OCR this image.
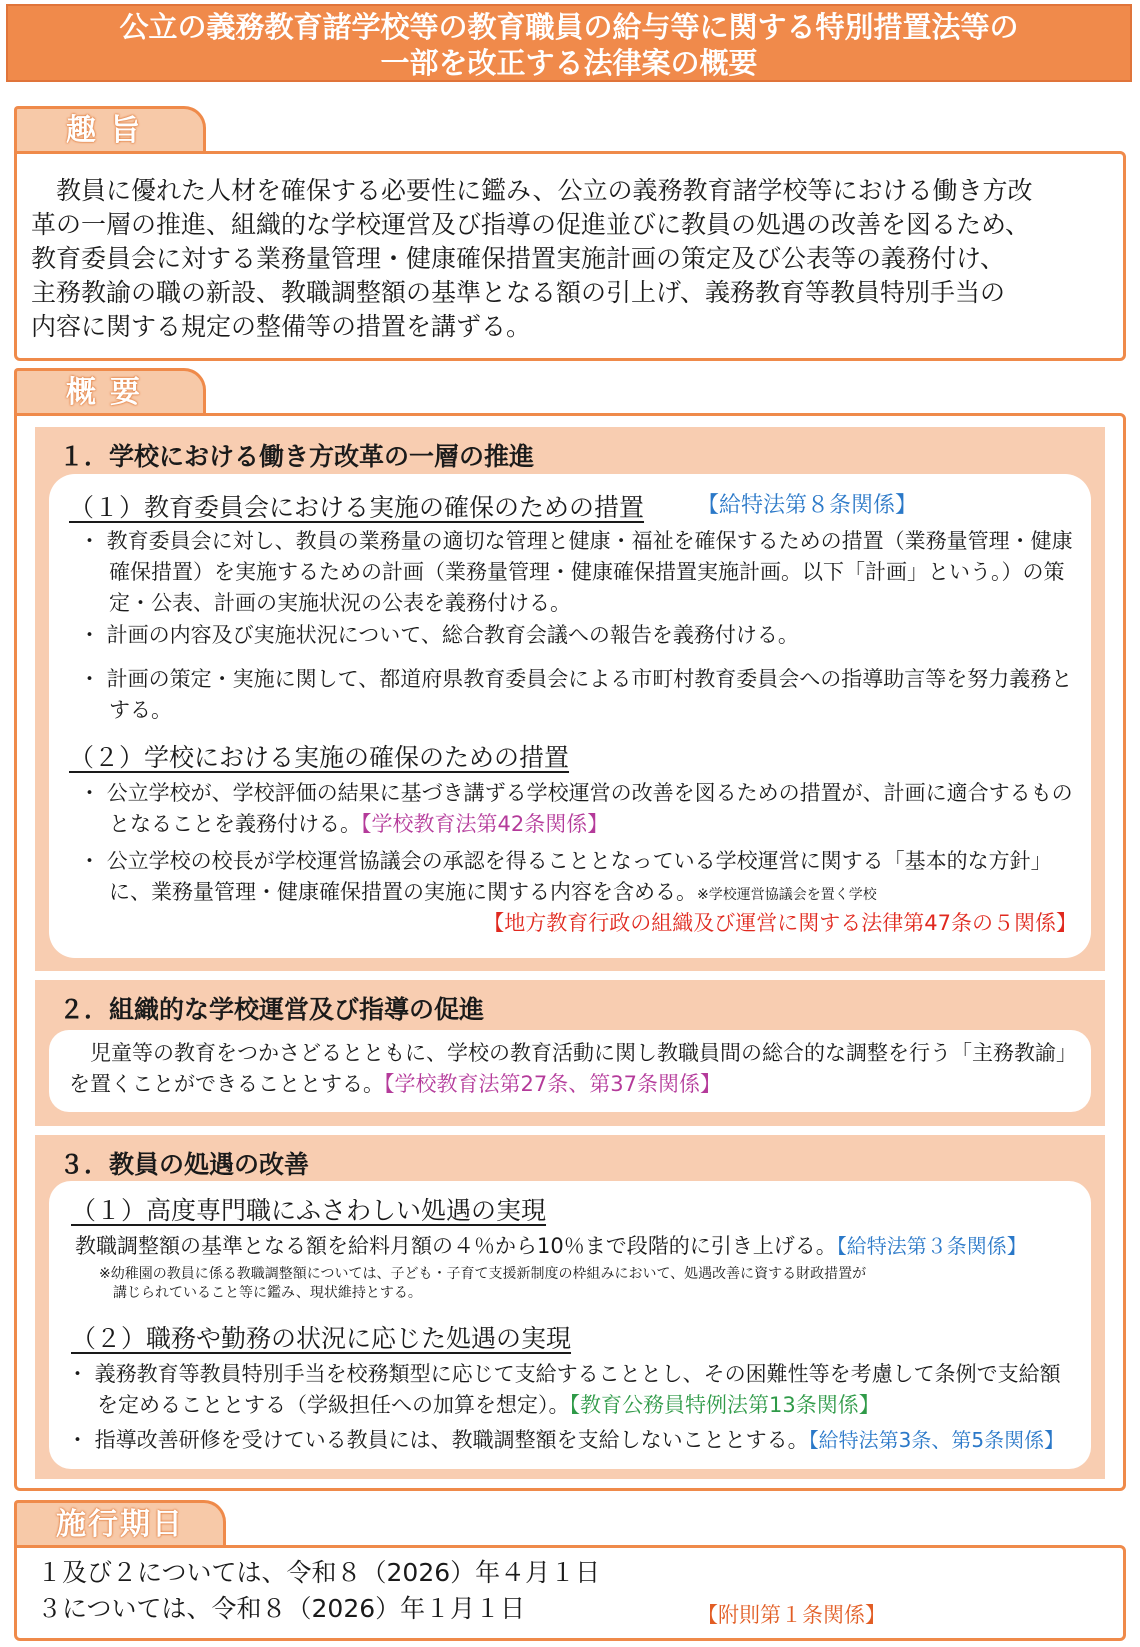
公立の義務教育諸学校等の教育職員の給与等に関する特別措置法等の
一部を改正する法律案の概要
趣旨
　教員に優れた人材を確保する必要性に鑑み、公立の義務教育諸学校等における働き方改
革の一層の推進、組織的な学校運営及び指導の促進並びに教員の処遇の改善を図るため、
教育委員会に対する業務量管理・健康確保措置実施計画の策定及び公表等の義務付け、
主務教諭の職の新設、教職調整額の基準となる額の引上げ、義務教育等教員特別手当の
内容に関する規定の整備等の措置を講ずる。
概要
１．学校における働き方改革の一層の推進
（１）教育委員会における実施の確保のための措置 【給特法第８条関係】
・ 教育委員会に対し、教員の業務量の適切な管理と健康・福祉を確保するための措置（業務量管理・健康確保措置）を実施するための計画（業務量管理・健康確保措置実施計画。以下「計画」という。）の策定・公表、計画の実施状況の公表を義務付ける。
・ 計画の内容及び実施状況について、総合教育会議への報告を義務付ける。
・ 計画の策定・実施に関して、都道府県教育委員会による市町村教育委員会への指導助言等を努力義務とする。
（２）学校における実施の確保のための措置
・ 公立学校が、学校評価の結果に基づき講ずる学校運営の改善を図るための措置が、計画に適合するものとなることを義務付ける。【学校教育法第42条関係】
・ 公立学校の校長が学校運営協議会の承認を得ることとなっている学校運営に関する「基本的な方針」に、業務量管理・健康確保措置の実施に関する内容を含める。※学校運営協議会を置く学校
【地方教育行政の組織及び運営に関する法律第47条の５関係】
２．組織的な学校運営及び指導の促進
　児童等の教育をつかさどるとともに、学校の教育活動に関し教職員間の総合的な調整を行う「主務教諭」を置くことができることとする。【学校教育法第27条、第37条関係】
３．教員の処遇の改善
（１）高度専門職にふさわしい処遇の実現
教職調整額の基準となる額を給料月額の４％から10％まで段階的に引き上げる。【給特法第３条関係】
※幼稚園の教員に係る教職調整額については、子ども・子育て支援新制度の枠組みにおいて、処遇改善に資する財政措置が
講じられていること等に鑑み、現状維持とする。
（２）職務や勤務の状況に応じた処遇の実現
・ 義務教育等教員特別手当を校務類型に応じて支給することとし、その困難性等を考慮して条例で支給額を定めることとする（学級担任への加算を想定）。【教育公務員特例法第13条関係】
・ 指導改善研修を受けている教員には、教職調整額を支給しないこととする。【給特法第3条、第5条関係】
施行期日
１及び２については、令和８（2026）年４月１日
３については、令和８（2026）年１月１日	【附則第１条関係】
